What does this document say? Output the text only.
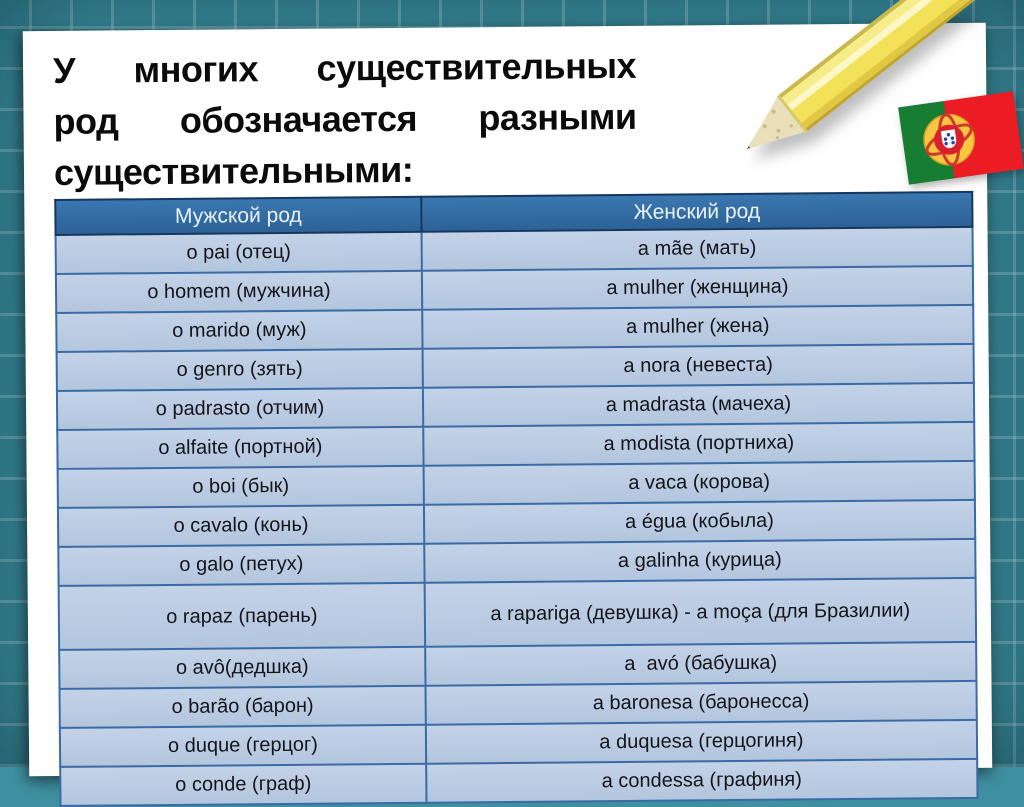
У многих существительных
род обозначается разными
существительными:
Мужской род	Женский род
o pai (отец)	a mãe (мать)
o homem (мужчина)	a mulher (женщина)
o marido (муж)	a mulher (жена)
o genro (зять)	a nora (невеста)
o padrasto (отчим)	a madrasta (мачеха)
o alfaite (портной)	a modista (портниха)
o boi (бык)	a vaca (корова)
o cavalo (конь)	a égua (кобыла)
o galo (петух)	a galinha (курица)
o rapaz (парень)	a rapariga (девушка) - a moça (для Бразилии)
o avô(дедшка)	a  avó (бабушка)
o barão (барон)	a baronesa (баронесса)
o duque (герцог)	a duquesa (герцогиня)
o conde (граф)	a condessa (графиня)
